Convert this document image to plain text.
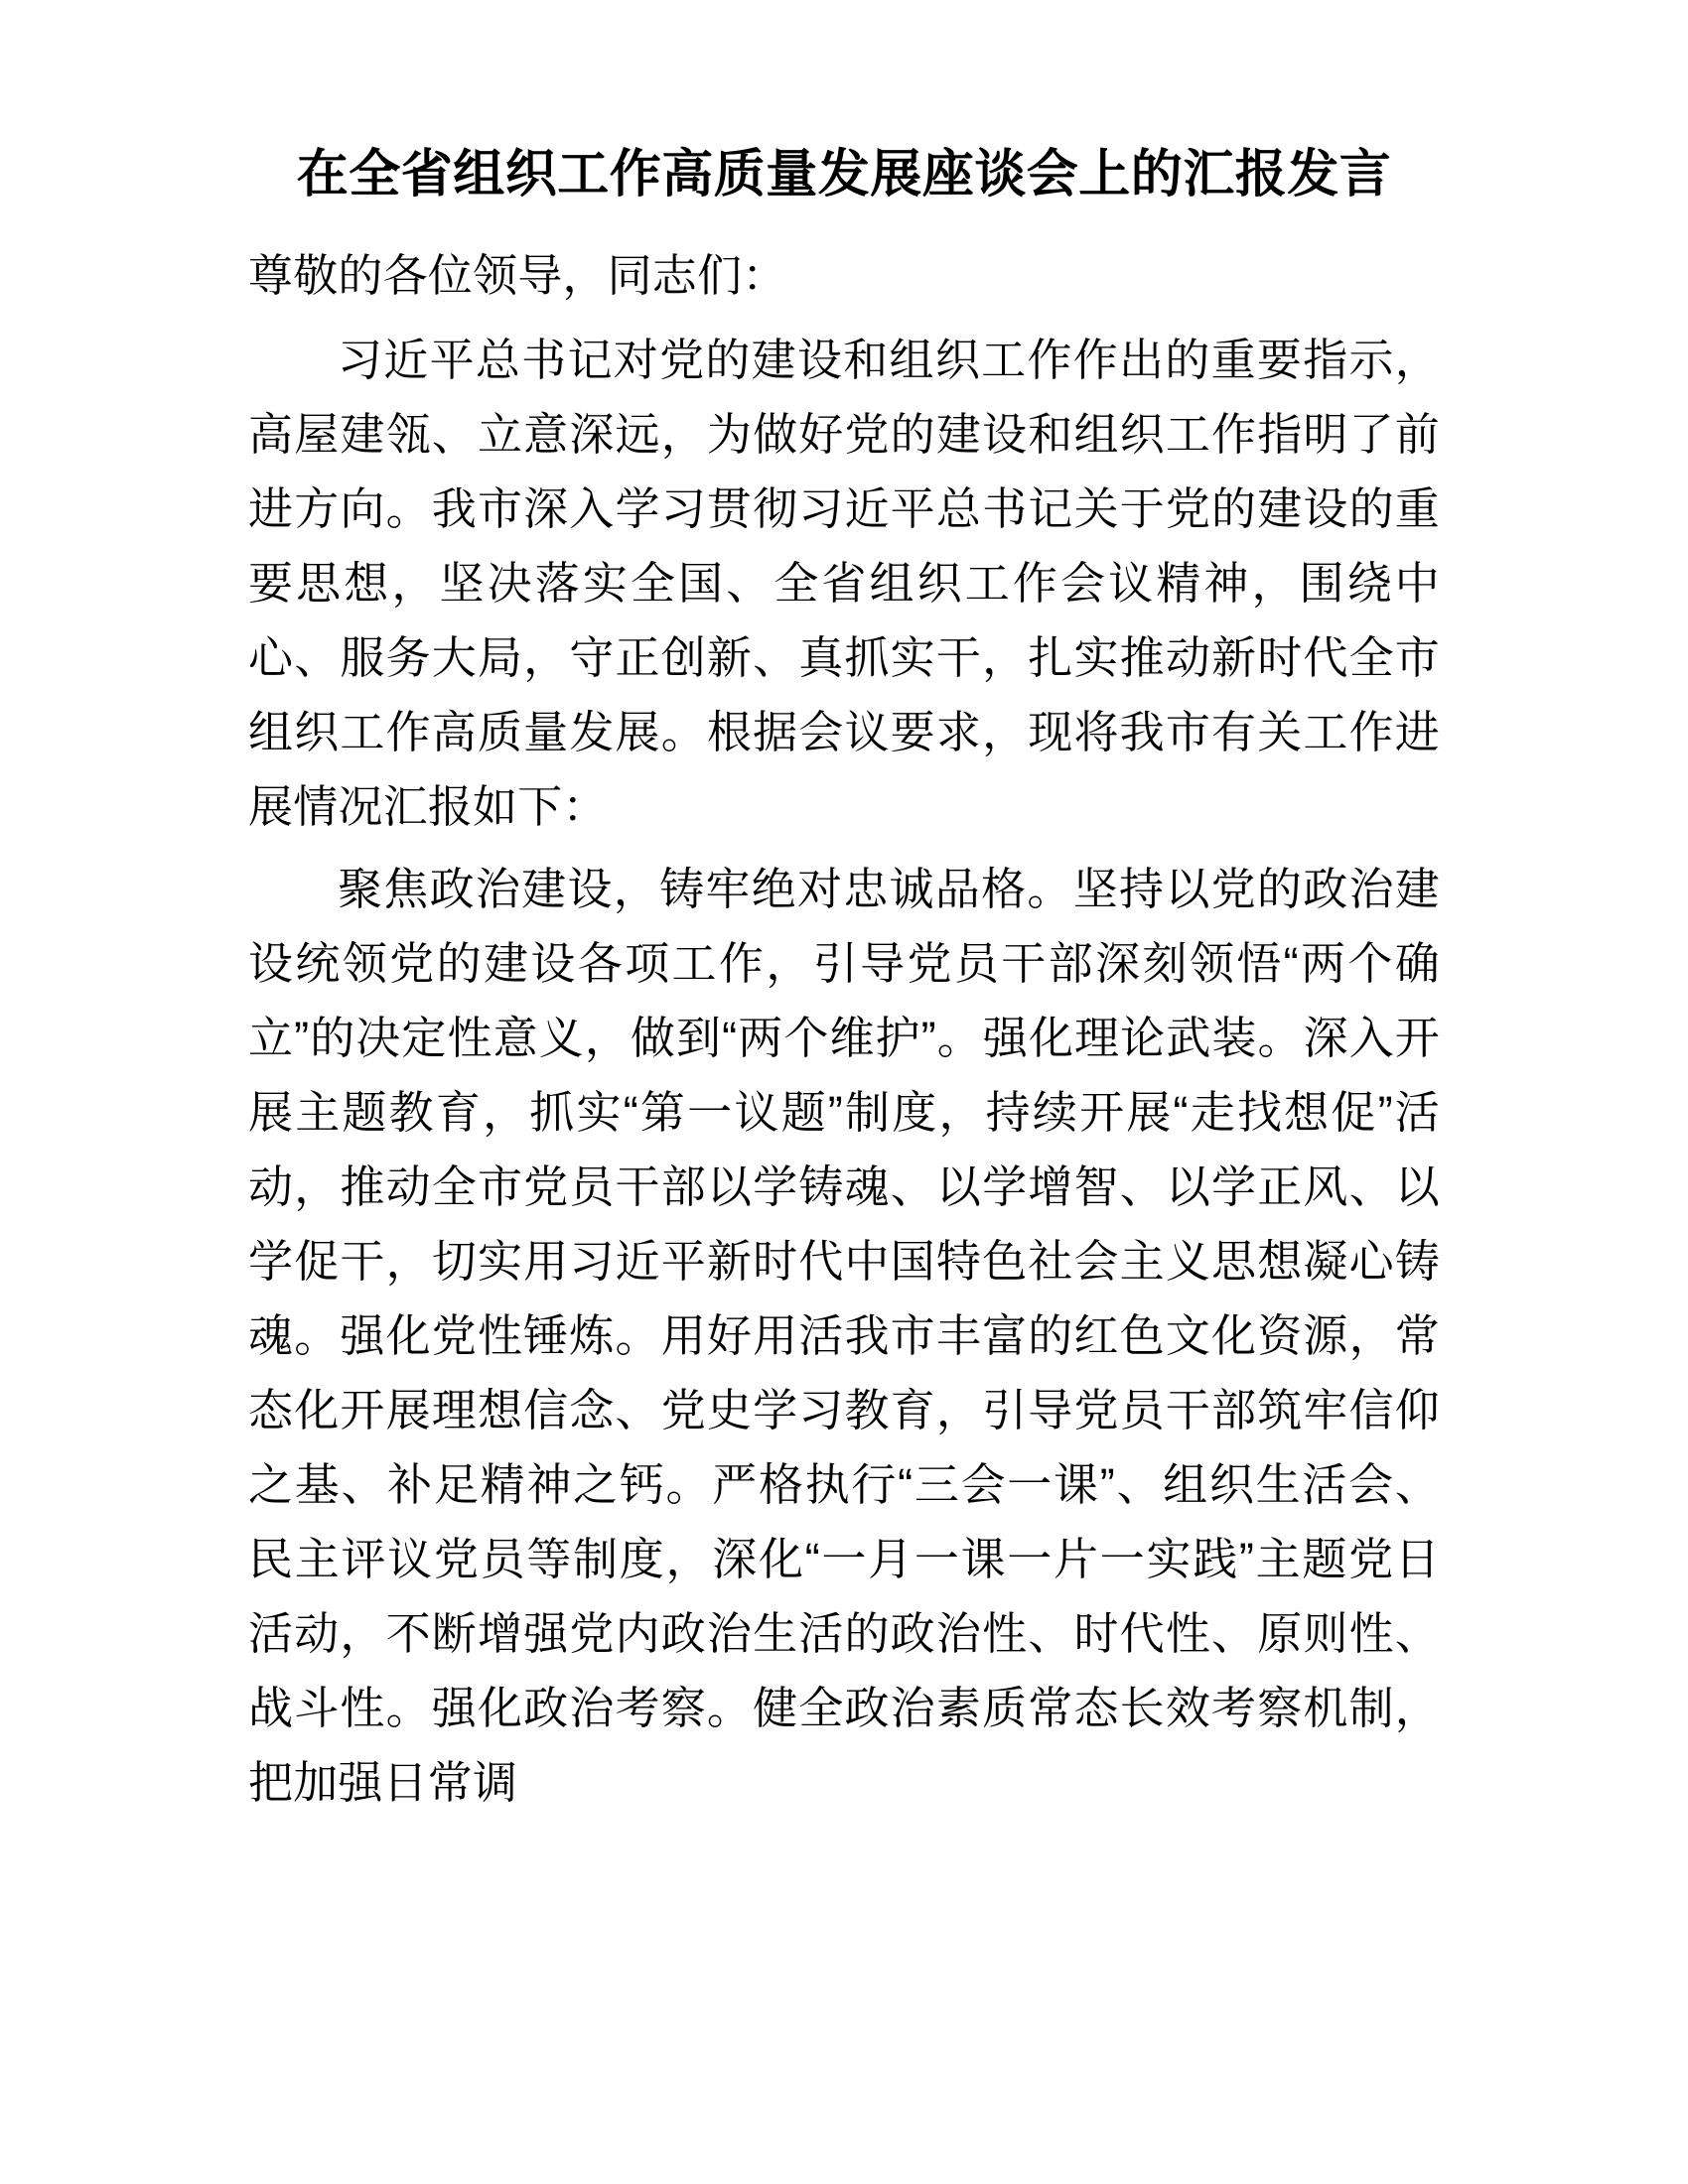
在全省组织工作高质量发展座谈会上的汇报发言

尊敬的各位领导，同志们：

习近平总书记对党的建设和组织工作作出的重要指示，高屋建瓴、立意深远，为做好党的建设和组织工作指明了前进方向。我市深入学习贯彻习近平总书记关于党的建设的重要思想，坚决落实全国、全省组织工作会议精神，围绕中心、服务大局，守正创新、真抓实干，扎实推动新时代全市组织工作高质量发展。根据会议要求，现将我市有关工作进展情况汇报如下：

聚焦政治建设，铸牢绝对忠诚品格。坚持以党的政治建设统领党的建设各项工作，引导党员干部深刻领悟“两个确立”的决定性意义，做到“两个维护”。强化理论武装。深入开展主题教育，抓实“第一议题”制度，持续开展“走找想促”活动，推动全市党员干部以学铸魂、以学增智、以学正风、以学促干，切实用习近平新时代中国特色社会主义思想凝心铸魂。强化党性锤炼。用好用活我市丰富的红色文化资源，常态化开展理想信念、党史学习教育，引导党员干部筑牢信仰之基、补足精神之钙。严格执行“三会一课”、组织生活会、民主评议党员等制度，深化“一月一课一片一实践”主题党日活动，不断增强党内政治生活的政治性、时代性、原则性、战斗性。强化政治考察。健全政治素质常态长效考察机制，把加强日常调
